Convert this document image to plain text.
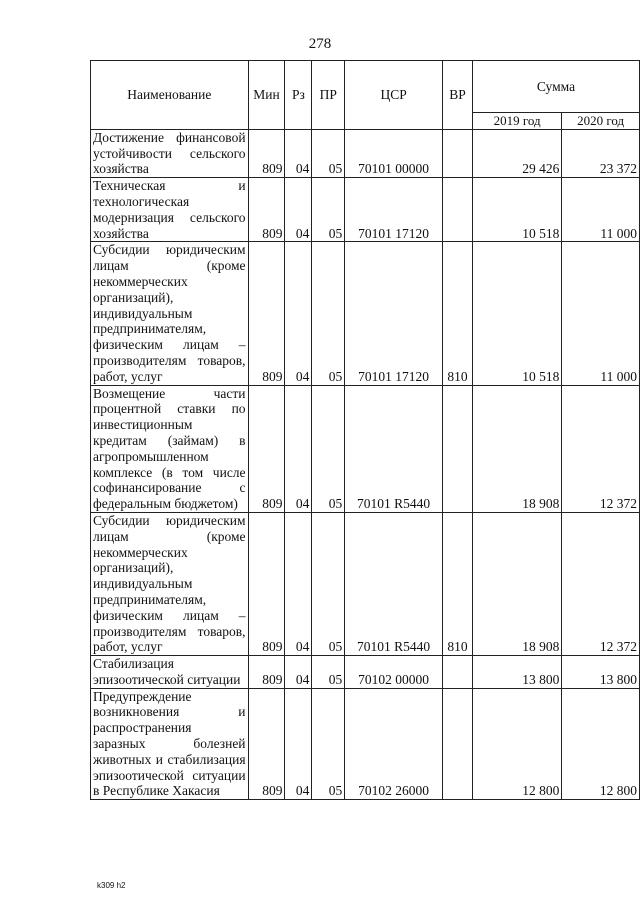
278
Наименование	Мин	Рз	ПР	ЦСР	ВР	Сумма	
						2019 год	2020 год
Достижение финансовой устойчивости сельского хозяйства	809	04	05	70101 00000		29 426	23 372
Техническая и технологическая модернизация сельского хозяйства	809	04	05	70101 17120		10 518	11 000
Субсидии юридическим лицам (кроме некоммерческих организаций), индивидуальным предпринимателям, физическим лицам – производителям товаров, работ, услуг	809	04	05	70101 17120	810	10 518	11 000
Возмещение части процентной ставки по инвестиционным кредитам (займам) в агропромышленном комплексе (в том числе софинансирование с федеральным бюджетом)	809	04	05	70101 R5440		18 908	12 372
Субсидии юридическим лицам (кроме некоммерческих организаций), индивидуальным предпринимателям, физическим лицам – производителям товаров, работ, услуг	809	04	05	70101 R5440	810	18 908	12 372
Стабилизация эпизоотической ситуации	809	04	05	70102 00000		13 800	13 800
Предупреждение возникновения и распространения заразных болезней животных и стабилизация эпизоотической ситуации в Республике Хакасия	809	04	05	70102 26000		12 800	12 800
k309 h2
